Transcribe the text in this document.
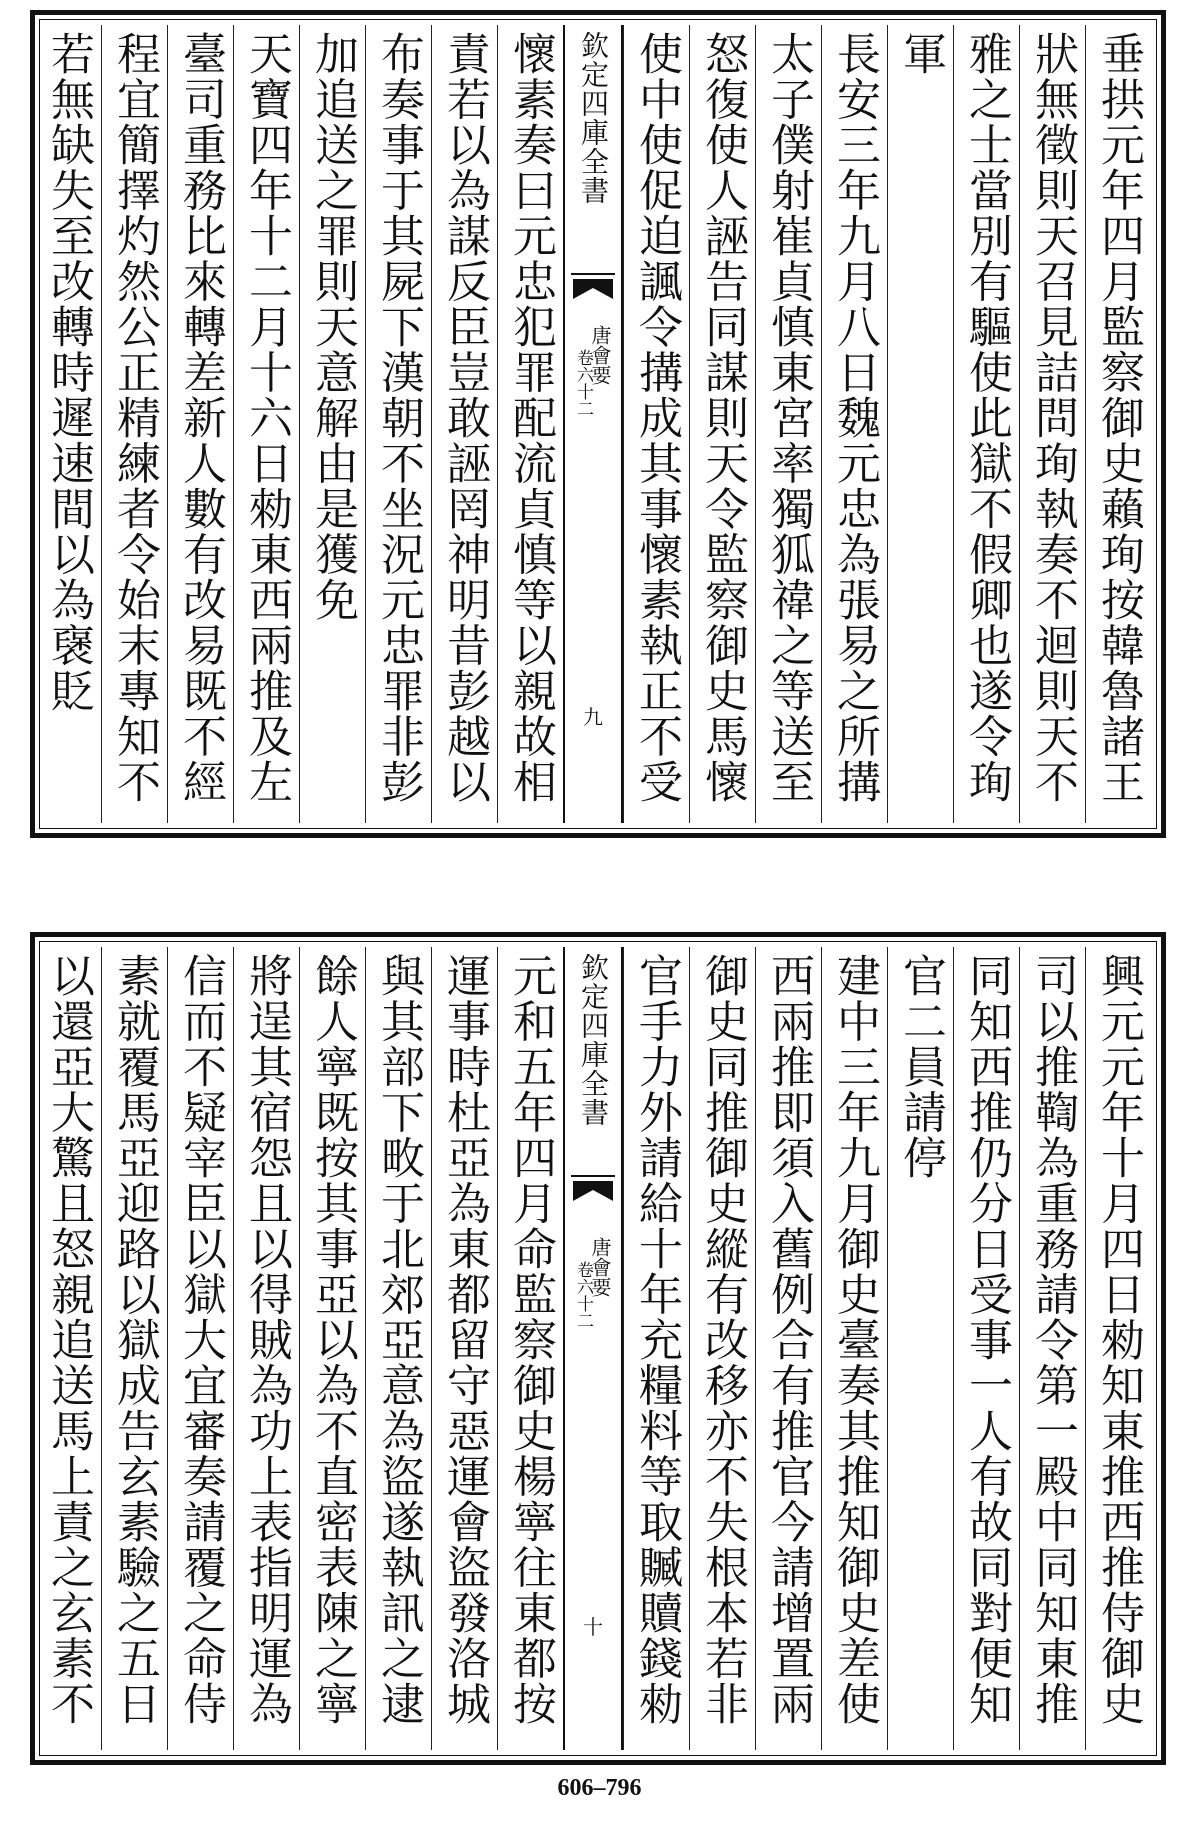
垂拱元年四月監察御史藾珣按韓魯諸王
狀無徵則天召見詰問珣執奏不迴則天不
雅之士當別有驅使此獄不假卿也遂令珣
軍
長安三年九月八日魏元忠為張易之所搆
太子僕射崔貞慎東宮率獨狐禕之等送至
怒復使人誣告同謀則天令監察御史馬懷
使中使促迫諷令搆成其事懷素執正不受
欽定四庫全書
唐會要
卷六十二
九
懷素奏曰元忠犯罪配流貞慎等以親故相
責若以為謀反臣豈敢誣罔神明昔彭越以
布奏事于其屍下漢朝不坐況元忠罪非彭
加追送之罪則天意解由是獲免
天寶四年十二月十六日勑東西兩推及左
臺司重務比來轉差新人數有改易既不經
程宜簡擇灼然公正精練者令始末專知不
若無缺失至改轉時遲速間以為襃貶
興元元年十月四日勑知東推西推侍御史
司以推鞫為重務請令第一殿中同知東推
同知西推仍分日受事一人有故同對便知
官二員請停
建中三年九月御史臺奏其推知御史差使
西兩推即須入舊例合有推官今請增置兩
御史同推御史縱有改移亦不失根本若非
官手力外請給十年充糧料等取贓贖錢勑
欽定四庫全書
唐會要
卷六十二
十
元和五年四月命監察御史楊寧往東都按
運事時杜亞為東都留守惡運會盜發洛城
與其部下畋于北郊亞意為盜遂執訊之逮
餘人寧既按其事亞以為不直密表陳之寧
將逞其宿怨且以得賊為功上表指明運為
信而不疑宰臣以獄大宜審奏請覆之命侍
素就覆馬亞迎路以獄成告玄素驗之五日
以還亞大驚且怒親追送馬上責之玄素不
606–796
